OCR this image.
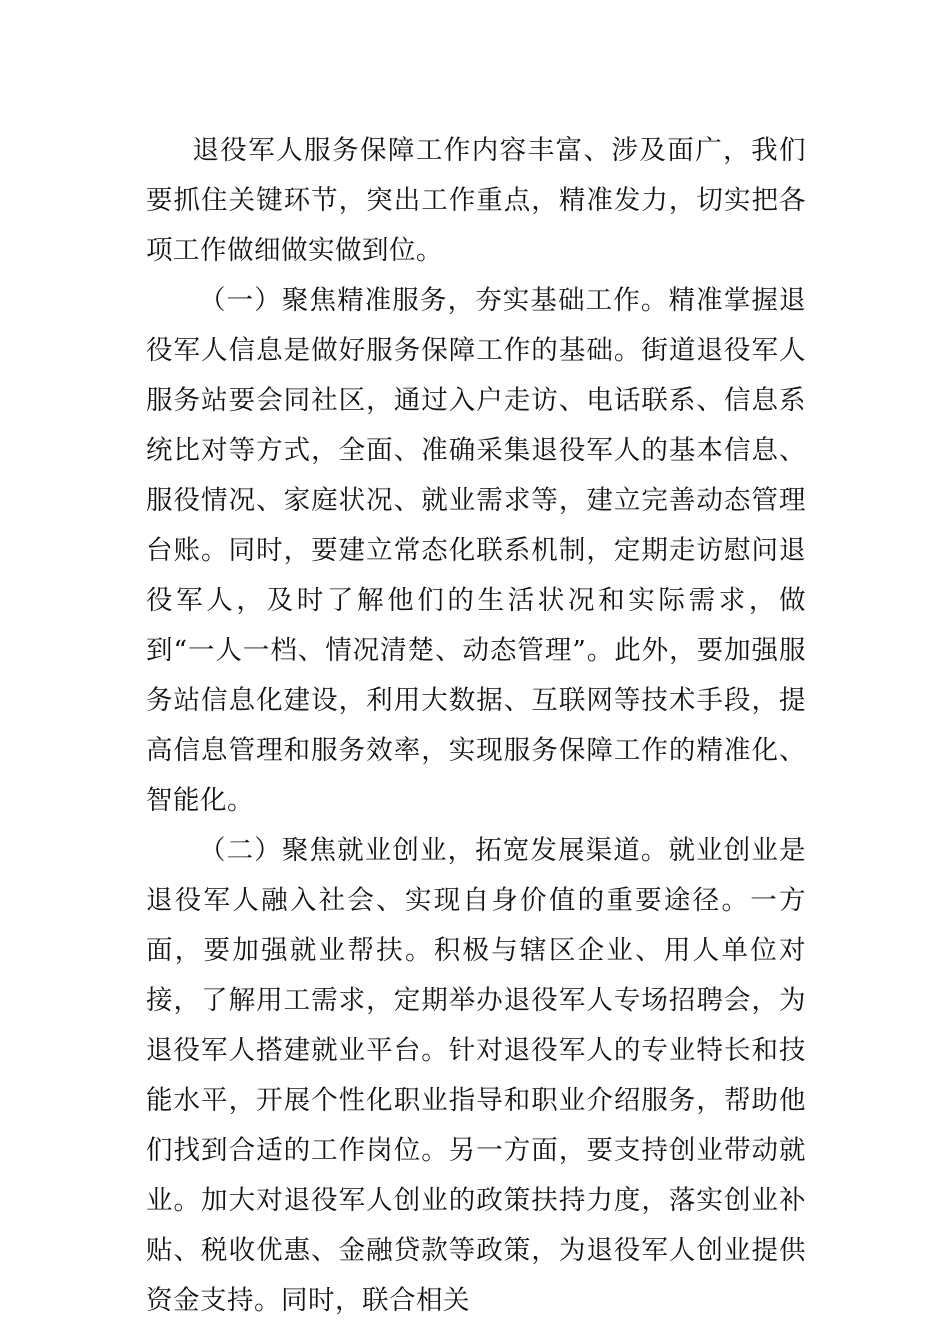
退役军人服务保障工作内容丰富、涉及面广，我们要抓住关键环节，突出工作重点，精准发力，切实把各项工作做细做实做到位。

（一）聚焦精准服务，夯实基础工作。精准掌握退役军人信息是做好服务保障工作的基础。街道退役军人服务站要会同社区，通过入户走访、电话联系、信息系统比对等方式，全面、准确采集退役军人的基本信息、服役情况、家庭状况、就业需求等，建立完善动态管理台账。同时，要建立常态化联系机制，定期走访慰问退役军人，及时了解他们的生活状况和实际需求，做到“一人一档、情况清楚、动态管理”。此外，要加强服务站信息化建设，利用大数据、互联网等技术手段，提高信息管理和服务效率，实现服务保障工作的精准化、智能化。

（二）聚焦就业创业，拓宽发展渠道。就业创业是退役军人融入社会、实现自身价值的重要途径。一方面，要加强就业帮扶。积极与辖区企业、用人单位对接，了解用工需求，定期举办退役军人专场招聘会，为退役军人搭建就业平台。针对退役军人的专业特长和技能水平，开展个性化职业指导和职业介绍服务，帮助他们找到合适的工作岗位。另一方面，要支持创业带动就业。加大对退役军人创业的政策扶持力度，落实创业补贴、税收优惠、金融贷款等政策，为退役军人创业提供资金支持。同时，联合相关
